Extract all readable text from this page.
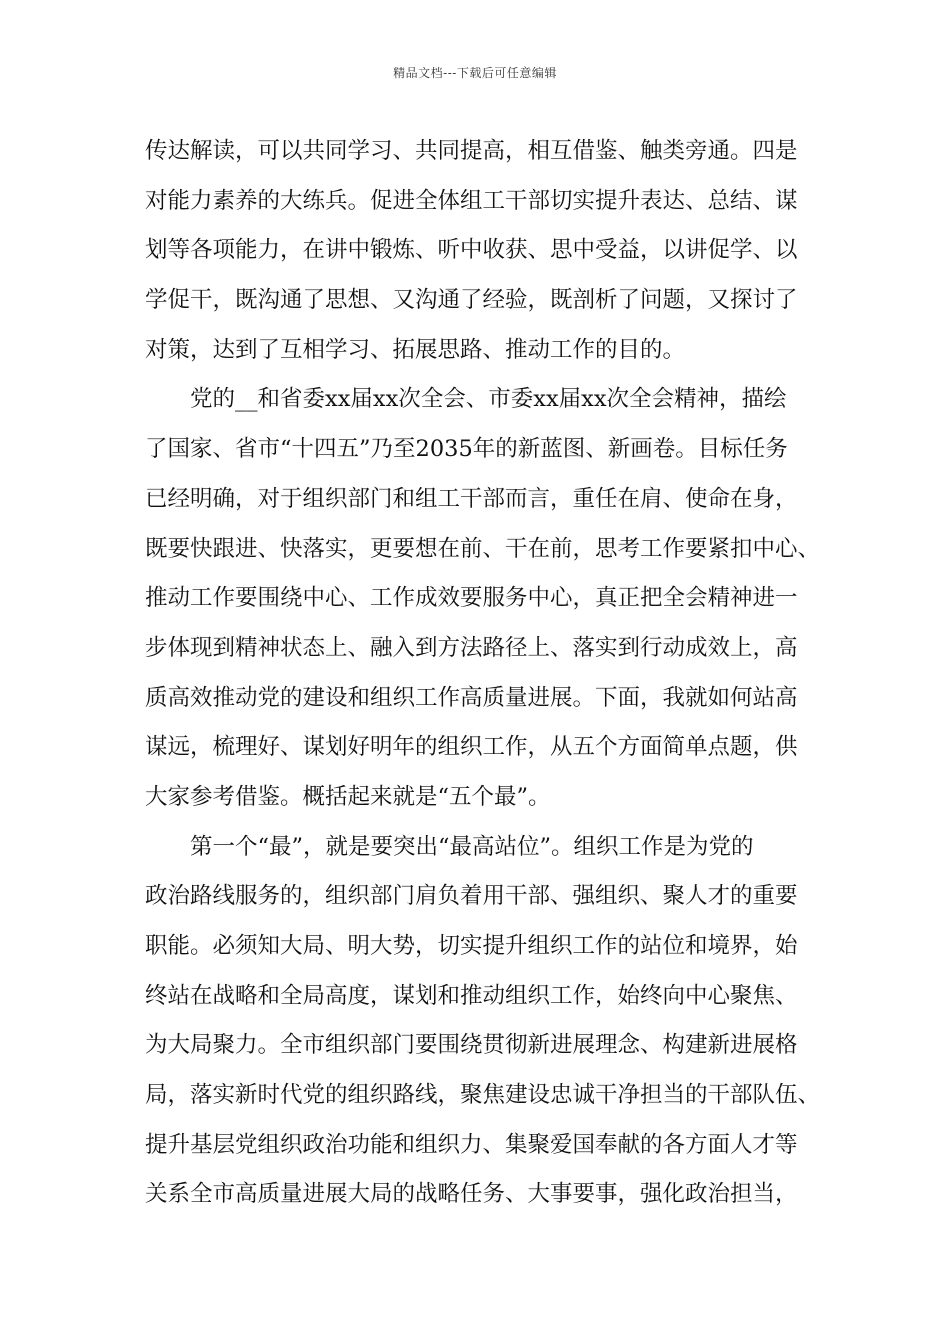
精品文档---下载后可任意编辑
传达解读，可以共同学习、共同提高，相互借鉴、触类旁通。四是
对能力素养的大练兵。促进全体组工干部切实提升表达、总结、谋
划等各项能力，在讲中锻炼、听中收获、思中受益，以讲促学、以
学促干，既沟通了思想、又沟通了经验，既剖析了问题，又探讨了
对策，达到了互相学习、拓展思路、推动工作的目的。
党的__和省委xx届xx次全会、市委xx届xx次全会精神，描绘
了国家、省市“十四五”乃至2035年的新蓝图、新画卷。目标任务
已经明确，对于组织部门和组工干部而言，重任在肩、使命在身，
既要快跟进、快落实，更要想在前、干在前，思考工作要紧扣中心、
推动工作要围绕中心、工作成效要服务中心，真正把全会精神进一
步体现到精神状态上、融入到方法路径上、落实到行动成效上，高
质高效推动党的建设和组织工作高质量进展。下面，我就如何站高
谋远，梳理好、谋划好明年的组织工作，从五个方面简单点题，供
大家参考借鉴。概括起来就是“五个最”。
第一个“最”，就是要突出“最高站位”。组织工作是为党的
政治路线服务的，组织部门肩负着用干部、强组织、聚人才的重要
职能。必须知大局、明大势，切实提升组织工作的站位和境界，始
终站在战略和全局高度，谋划和推动组织工作，始终向中心聚焦、
为大局聚力。全市组织部门要围绕贯彻新进展理念、构建新进展格
局，落实新时代党的组织路线，聚焦建设忠诚干净担当的干部队伍、
提升基层党组织政治功能和组织力、集聚爱国奉献的各方面人才等
关系全市高质量进展大局的战略任务、大事要事，强化政治担当，
